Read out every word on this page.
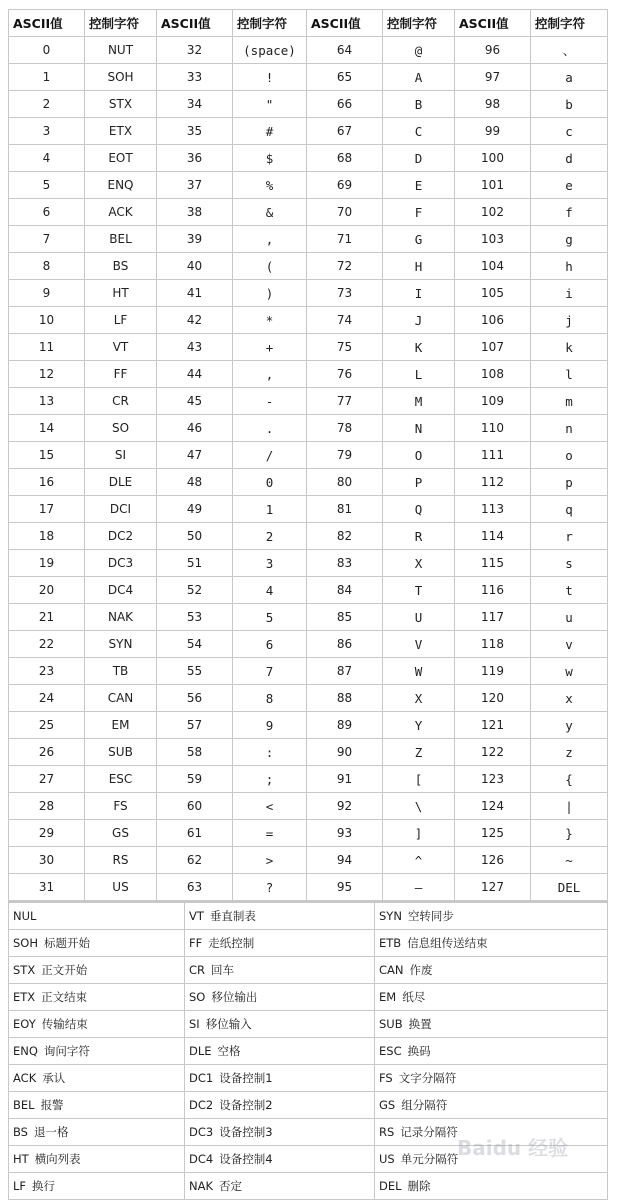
ASCII值	控制字符	ASCII值	控制字符	ASCII值	控制字符	ASCII值	控制字符
0	NUT	32	(space)	64	@	96	、
1	SOH	33	!	65	A	97	a
2	STX	34	"	66	B	98	b
3	ETX	35	#	67	C	99	c
4	EOT	36	$	68	D	100	d
5	ENQ	37	%	69	E	101	e
6	ACK	38	&	70	F	102	f
7	BEL	39	,	71	G	103	g
8	BS	40	(	72	H	104	h
9	HT	41	)	73	I	105	i
10	LF	42	*	74	J	106	j
11	VT	43	+	75	K	107	k
12	FF	44	,	76	L	108	l
13	CR	45	-	77	M	109	m
14	SO	46	.	78	N	110	n
15	SI	47	/	79	O	111	o
16	DLE	48	0	80	P	112	p
17	DCI	49	1	81	Q	113	q
18	DC2	50	2	82	R	114	r
19	DC3	51	3	83	X	115	s
20	DC4	52	4	84	T	116	t
21	NAK	53	5	85	U	117	u
22	SYN	54	6	86	V	118	v
23	TB	55	7	87	W	119	w
24	CAN	56	8	88	X	120	x
25	EM	57	9	89	Y	121	y
26	SUB	58	:	90	Z	122	z
27	ESC	59	;	91	[	123	{
28	FS	60	<	92	\	124	|
29	GS	61	=	93	]	125	}
30	RS	62	>	94	^	126	~
31	US	63	?	95	—	127	DEL
NUL	VT 垂直制表	SYN 空转同步
SOH 标题开始	FF 走纸控制	ETB 信息组传送结束
STX 正文开始	CR 回车	CAN 作废
ETX 正文结束	SO 移位输出	EM 纸尽
EOY 传输结束	SI 移位输入	SUB 换置
ENQ 询问字符	DLE 空格	ESC 换码
ACK 承认	DC1 设备控制1	FS 文字分隔符
BEL 报警	DC2 设备控制2	GS 组分隔符
BS 退一格	DC3 设备控制3	RS 记录分隔符
HT 横向列表	DC4 设备控制4	US 单元分隔符
LF 换行	NAK 否定	DEL 删除
Baidu 经验
